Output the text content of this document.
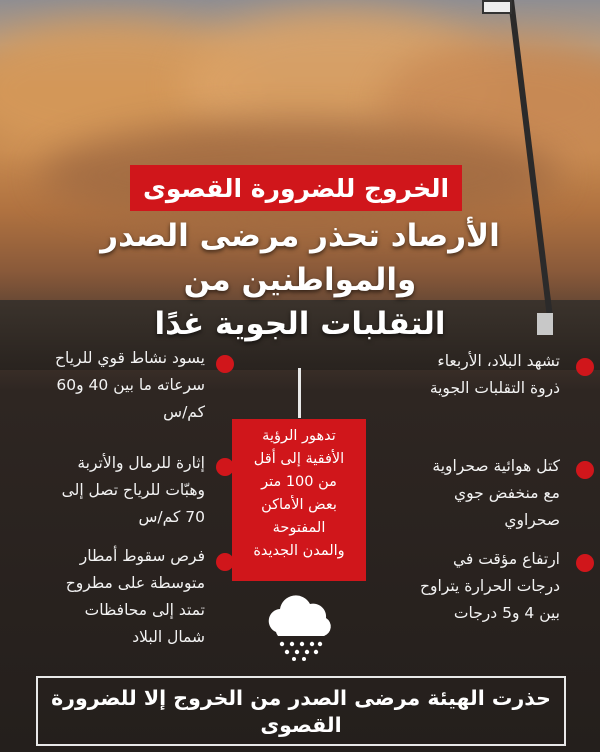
الخروج للضرورة القصوى
الأرصاد تحذر مرضى الصدر والمواطنين من
التقلبات الجوية غدًا
تشهد البلاد، الأربعاء
ذروة التقلبات الجوية
كتل هوائية صحراوية
مع منخفض جوي
صحراوي
ارتفاع مؤقت في
درجات الحرارة يتراوح
بين 4 و5 درجات
يسود نشاط قوي للرياح
سرعاته ما بين 40 و60
كم/س
إثارة للرمال والأتربة
وهبّات للرياح تصل إلى
70 كم/س
فرص سقوط أمطار
متوسطة على مطروح
تمتد إلى محافظات
شمال البلاد
تدهور الرؤية
الأفقية إلى أقل
من 100 متر
بعض الأماكن
المفتوحة
والمدن الجديدة
حذرت الهيئة مرضى الصدر من الخروج إلا للضرورة
القصوى
